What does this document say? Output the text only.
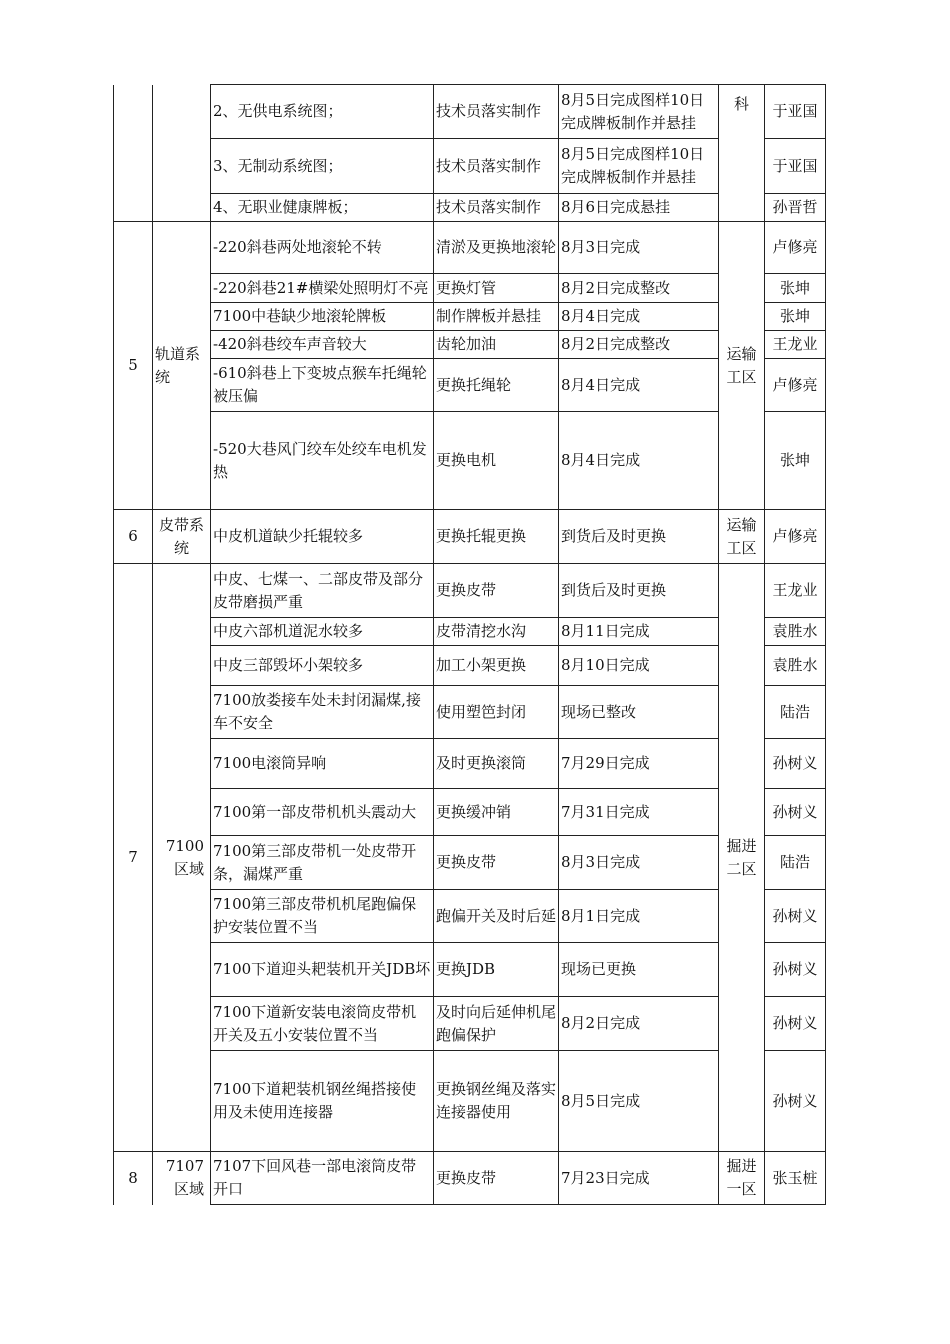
		2、无供电系统图；	技术员落实制作	8月5日完成图样10日完成牌板制作并悬挂	科	于亚国
		3、无制动系统图；	技术员落实制作	8月5日完成图样10日完成牌板制作并悬挂		于亚国
		4、无职业健康牌板；	技术员落实制作	8月6日完成悬挂		孙晋哲
5	轨道系统	-220斜巷两处地滚轮不转	清淤及更换地滚轮	8月3日完成	运输工区	卢修亮
		-220斜巷21#横梁处照明灯不亮	更换灯管	8月2日完成整改		张坤
		7100中巷缺少地滚轮牌板	制作牌板并悬挂	8月4日完成		张坤
		-420斜巷绞车声音较大	齿轮加油	8月2日完成整改		王龙业
		-610斜巷上下变坡点猴车托绳轮被压偏	更换托绳轮	8月4日完成		卢修亮
		-520大巷风门绞车处绞车电机发热	更换电机	8月4日完成		张坤
6	皮带系统	中皮机道缺少托辊较多	更换托辊更换	到货后及时更换	运输工区	卢修亮
7	7100区域	中皮、七煤一、二部皮带及部分皮带磨损严重	更换皮带	到货后及时更换	掘进二区	王龙业
		中皮六部机道泥水较多	皮带清挖水沟	8月11日完成		袁胜水
		中皮三部毁坏小架较多	加工小架更换	8月10日完成		袁胜水
		7100放娄接车处未封闭漏煤,接车不安全	使用塑笆封闭	现场已整改		陆浩
		7100电滚筒异响	及时更换滚筒	7月29日完成		孙树义
		7100第一部皮带机机头震动大	更换缓冲销	7月31日完成		孙树义
		7100第三部皮带机一处皮带开条，漏煤严重	更换皮带	8月3日完成		陆浩
		7100第三部皮带机机尾跑偏保护安装位置不当	跑偏开关及时后延	8月1日完成		孙树义
		7100下道迎头耙装机开关JDB坏	更换JDB	现场已更换		孙树义
		7100下道新安装电滚筒皮带机开关及五小安装位置不当	及时向后延伸机尾跑偏保护	8月2日完成		孙树义
		7100下道耙装机钢丝绳搭接使用及未使用连接器	更换钢丝绳及落实连接器使用	8月5日完成		孙树义
8	7107区域	7107下回风巷一部电滚筒皮带开口	更换皮带	7月23日完成	掘进一区	张玉桩
